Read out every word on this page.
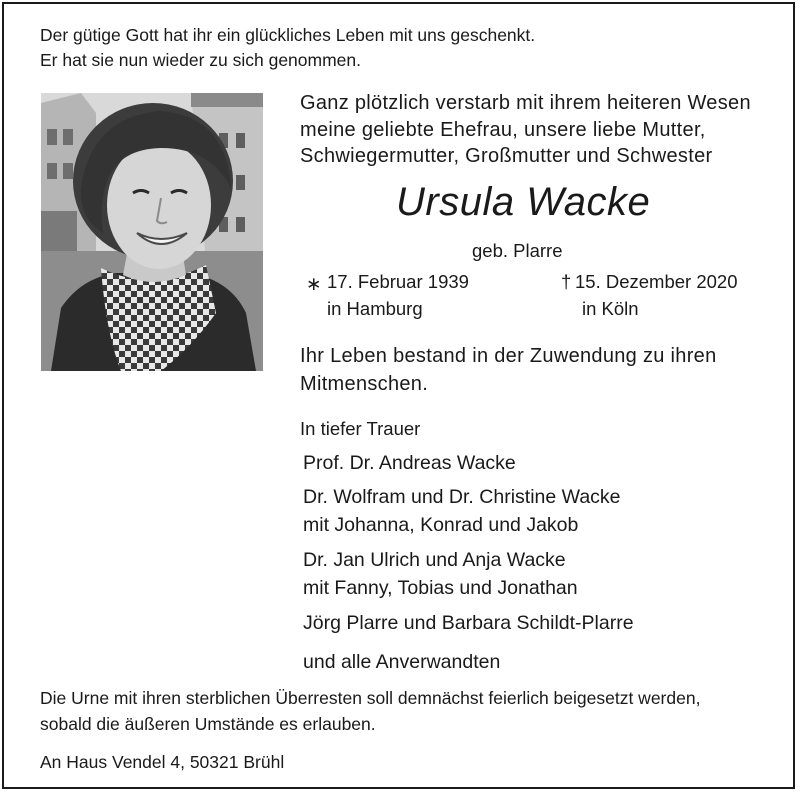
Der gütige Gott hat ihr ein glückliches Leben mit uns geschenkt.
Er hat sie nun wieder zu sich genommen.
Ganz plötzlich verstarb mit ihrem heiteren Wesen
meine geliebte Ehefrau, unsere liebe Mutter,
Schwiegermutter, Großmutter und Schwester
Ursula Wacke
geb. Plarre
∗ 17. Februar 1939
in Hamburg
† 15. Dezember 2020
in Köln
Ihr Leben bestand in der Zuwendung zu ihren
Mitmenschen.
In tiefer Trauer
Prof. Dr. Andreas Wacke
Dr. Wolfram und Dr. Christine Wacke
mit Johanna, Konrad und Jakob
Dr. Jan Ulrich und Anja Wacke
mit Fanny, Tobias und Jonathan
Jörg Plarre und Barbara Schildt-Plarre
und alle Anverwandten
Die Urne mit ihren sterblichen Überresten soll demnächst feierlich beigesetzt werden,
sobald die äußeren Umstände es erlauben.
An Haus Vendel 4, 50321 Brühl
